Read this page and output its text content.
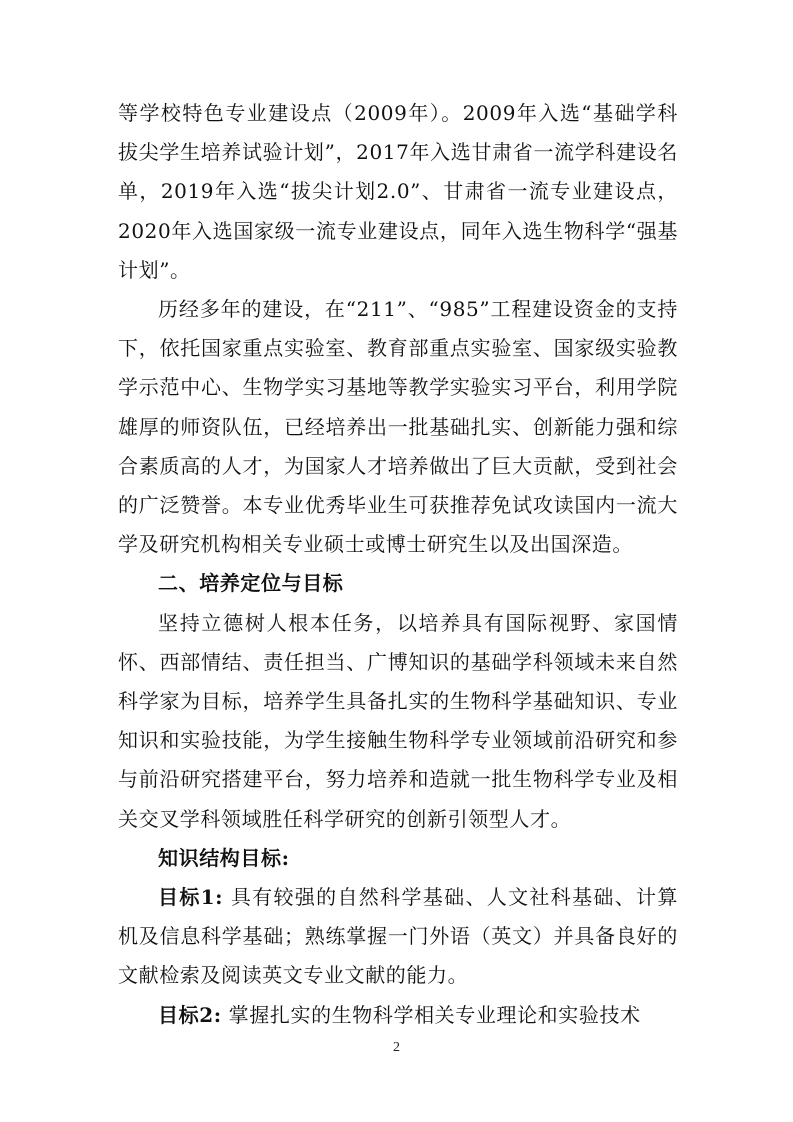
等学校特色专业建设点（2009年）。2009年入选“基础学科拔尖学生培养试验计划”，2017年入选甘肃省一流学科建设名单，2019年入选“拔尖计划2.0”、甘肃省一流专业建设点，2020年入选国家级一流专业建设点，同年入选生物科学“强基计划”。

历经多年的建设，在“211”、“985”工程建设资金的支持下，依托国家重点实验室、教育部重点实验室、国家级实验教学示范中心、生物学实习基地等教学实验实习平台，利用学院雄厚的师资队伍，已经培养出一批基础扎实、创新能力强和综合素质高的人才，为国家人才培养做出了巨大贡献，受到社会的广泛赞誉。本专业优秀毕业生可获推荐免试攻读国内一流大学及研究机构相关专业硕士或博士研究生以及出国深造。

二、培养定位与目标

坚持立德树人根本任务，以培养具有国际视野、家国情怀、西部情结、责任担当、广博知识的基础学科领域未来自然科学家为目标，培养学生具备扎实的生物科学基础知识、专业知识和实验技能，为学生接触生物科学专业领域前沿研究和参与前沿研究搭建平台，努力培养和造就一批生物科学专业及相关交叉学科领域胜任科学研究的创新引领型人才。

知识结构目标:

目标1: 具有较强的自然科学基础、人文社科基础、计算机及信息科学基础；熟练掌握一门外语（英文）并具备良好的文献检索及阅读英文专业文献的能力。

目标2: 掌握扎实的生物科学相关专业理论和实验技术

2
